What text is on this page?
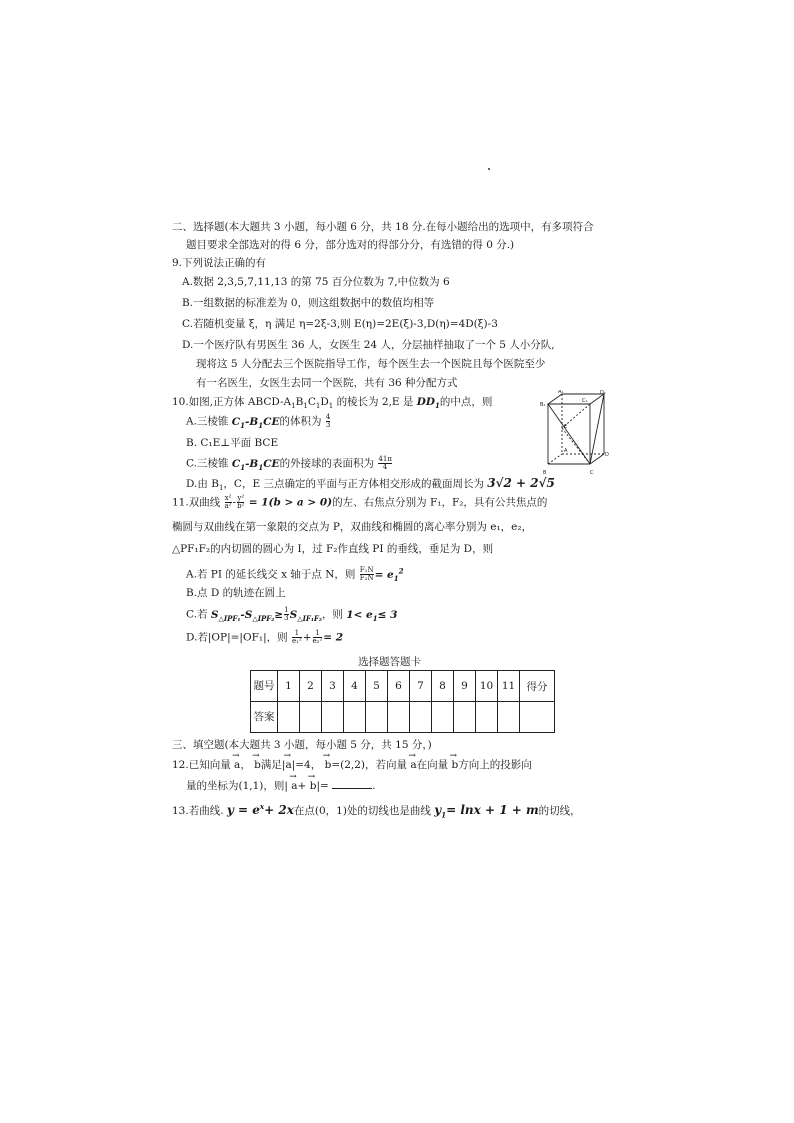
二、选择题(本大题共 3 小题，每小题 6 分，共 18 分.在每小题给出的选项中，有多项符合
题目要求全部选对的得 6 分，部分选对的得部分分，有选错的得 0 分.)
9.下列说法正确的有
A.数据 2,3,5,7,11,13 的第 75 百分位数为 7,中位数为 6
B.一组数据的标准差为 0，则这组数据中的数值均相等
C.若随机变量 ξ，η 满足 η=2ξ-3,则 E(η)=2E(ξ)-3,D(η)=4D(ξ)-3
D.一个医疗队有男医生 36 人，女医生 24 人，分层抽样抽取了一个 5 人小分队,
现将这 5 人分配去三个医院指导工作，每个医生去一个医院且每个医院至少
有一名医生，女医生去同一个医院，共有 36 种分配方式
10.如图,正方体 ABCD-$A_1B_1C_1D_1$ 的棱长为 2,E 是 $DD_1$的中点，则
A.三棱锥 $C_1-B_1CE$的体积为 $\frac{4}{3}$
B. C₁E⊥平面 BCE
C.三棱锥 $C_1-B_1CE$的外接球的表面积为 $\frac{41\pi}{4}$
D.由 $B_1$，C，E 三点确定的平面与正方体相交形成的截面周长为 3√2 + 2√5
A₁	D₁
B₁
C₁
E
A
D
B	C
11.双曲线 $\frac{\text{x²}}{\text{a²}} - \frac{\text{y²}}{\text{b²}} = 1(b > a > 0)$的左、右焦点分别为 F₁，F₂，具有公共焦点的
椭圆与双曲线在第一象限的交点为 P，双曲线和椭圆的离心率分别为 e₁，e₂，
△PF₁F₂的内切圆的圆心为 I，过 F₂作直线 PI 的垂线，垂足为 D，则
A.若 PI 的延长线交 x 轴于点 N，则 $\frac{\text{F₁N}}{\text{F₂N}} = e_1^2$
B.点 D 的轨迹在圆上
C.若 $S_{\triangle IPF_1}-S_{\triangle IPF_2}\ge \frac{1}{3} S_{\triangle IF_1F_2}$，则 $1< e_1\le 3$
D.若|OP|=|OF₁|，则 $\frac{1}{\text{e₁²}} + \frac{1}{\text{e₂²}} = 2$
选择题答题卡
题号	1	2	3	4	5	6	7	8	9	10	11	得分
答案												
三、填空题(本大题共 3 小题，每小题 5 分，共 15 分，)
12.已知向量 → a， → b满足|→ a|=4， → b=(2,2)，若向量 → a在向量 → b方向上的投影向
量的坐标为(1,1)，则| → a+ → b|=	.
13.若曲线. $y = e^x+ 2x$在点(0，1)处的切线也是曲线 $y_1= \ln x + 1 + m$的切线，
